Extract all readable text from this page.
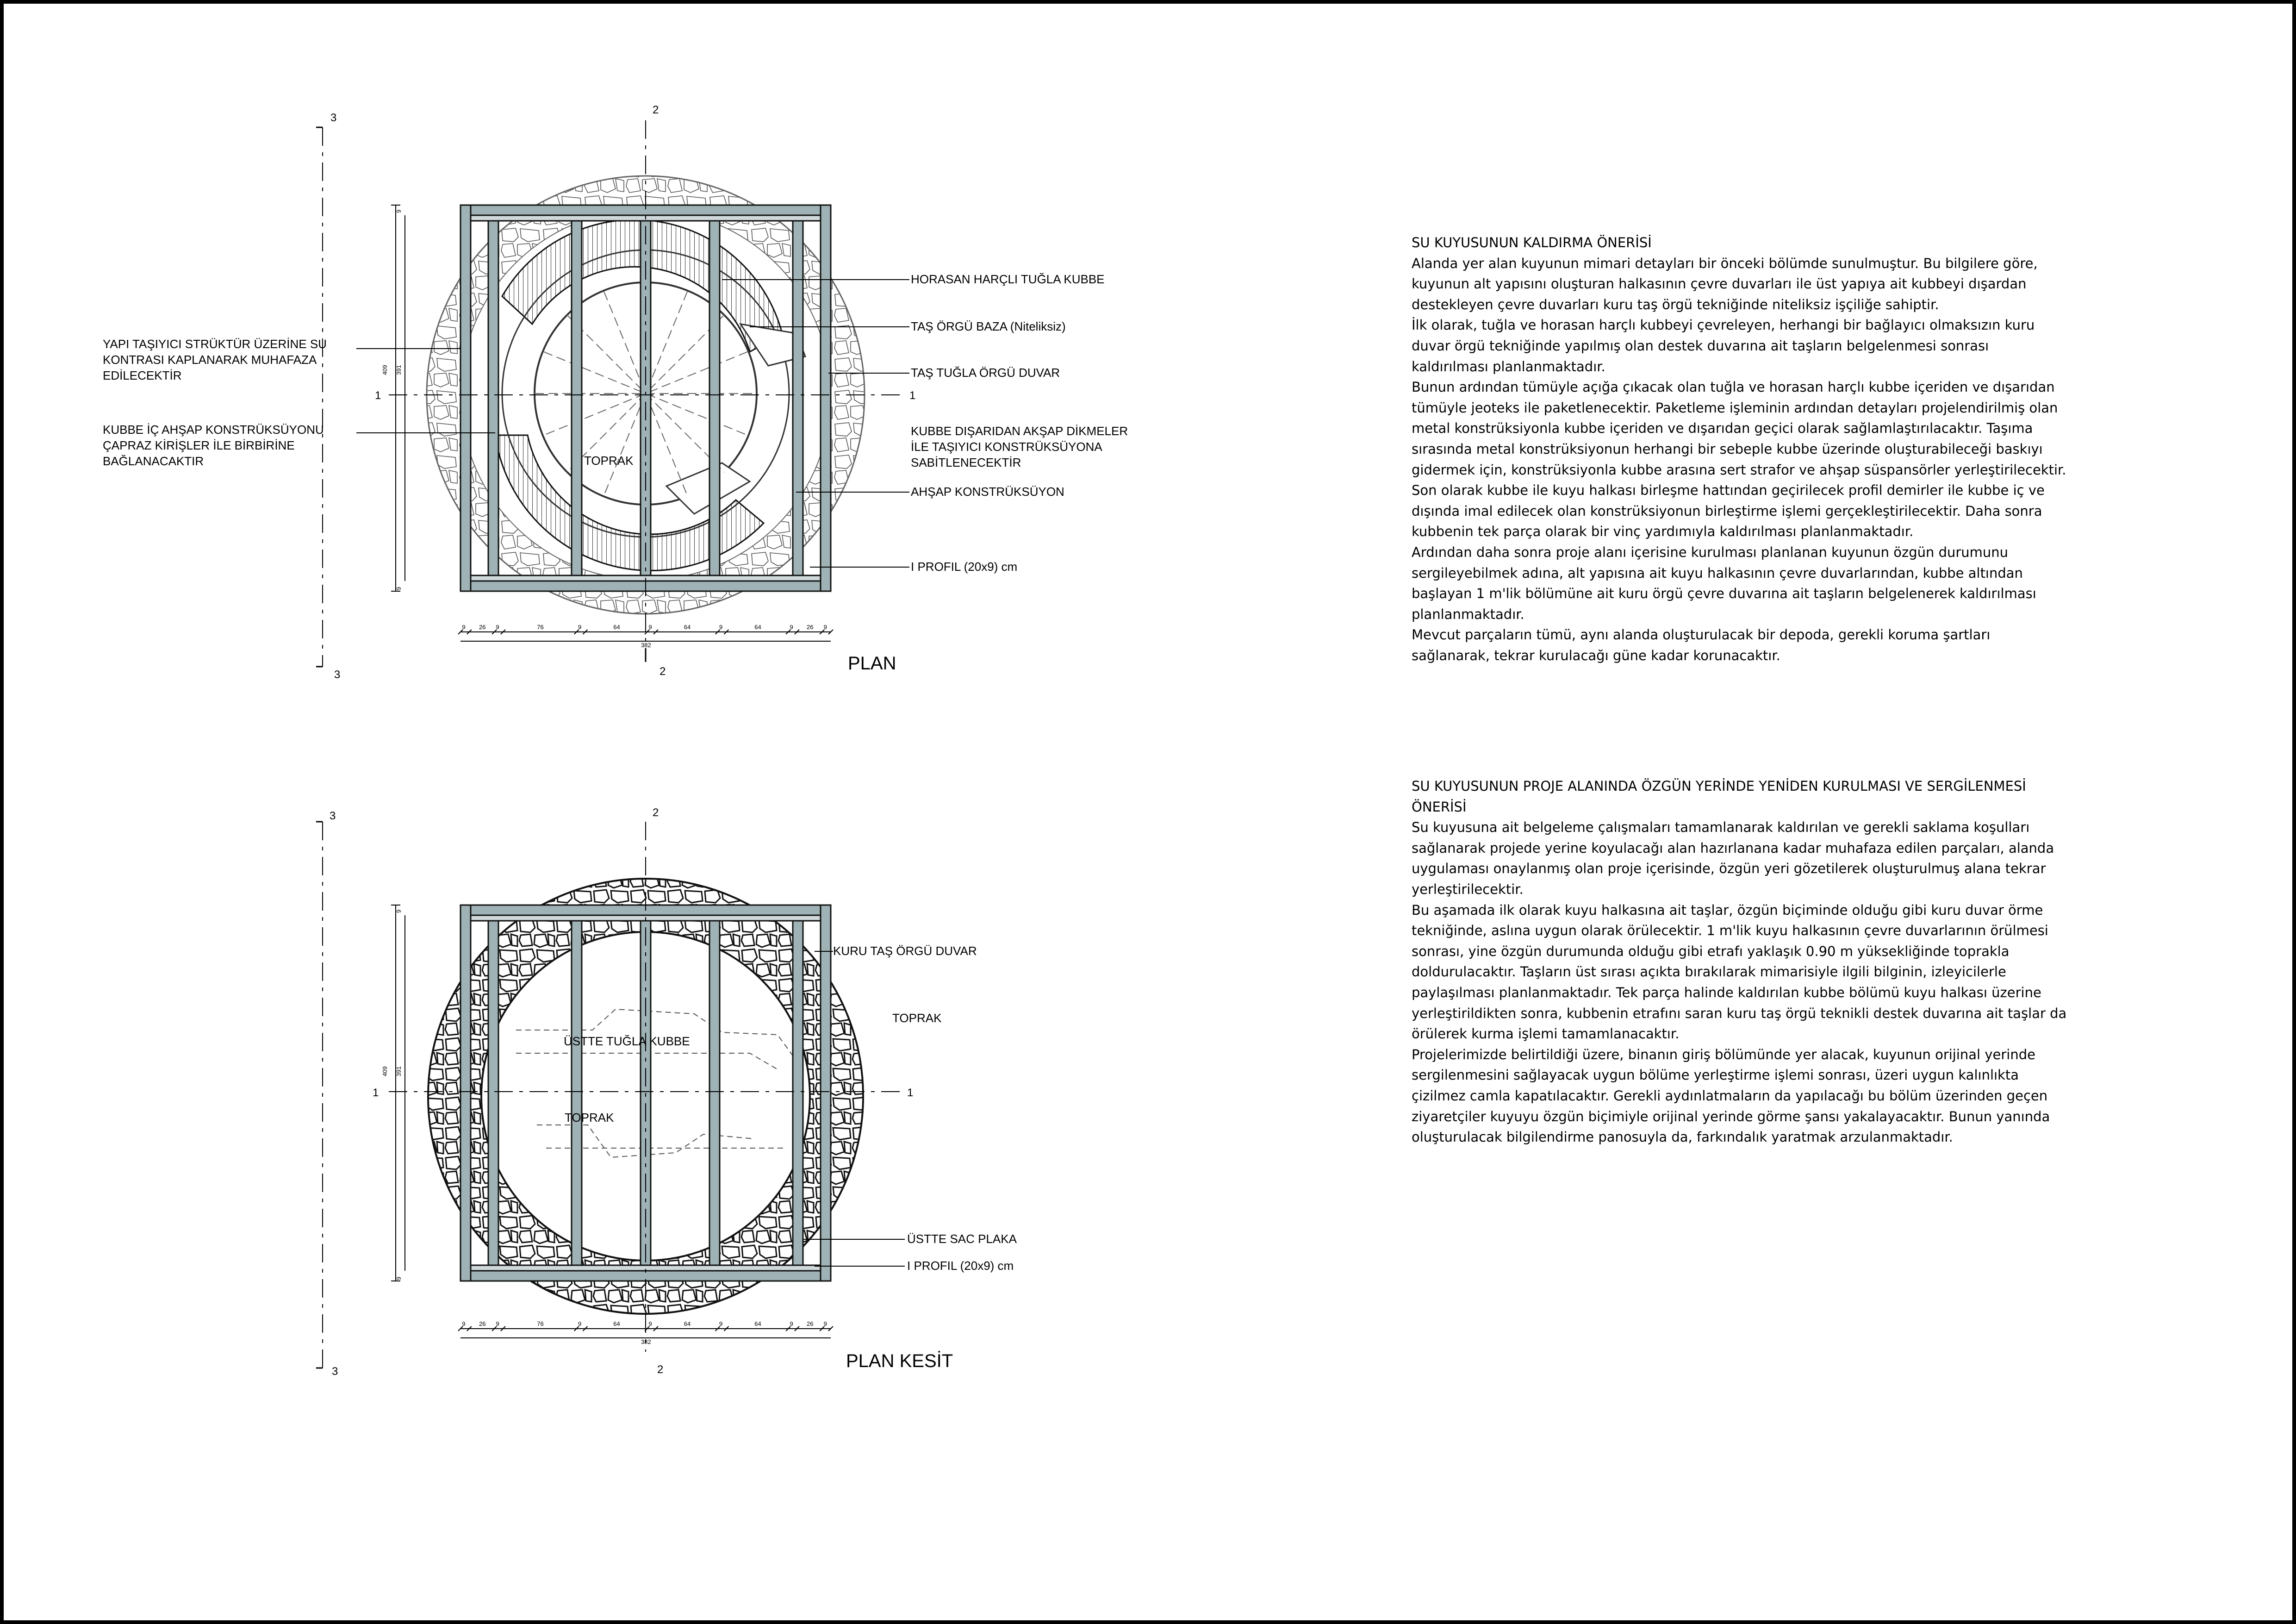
SU KUYUSUNUN KALDIRMA ÖNERİSİ

Alanda yer alan kuyunun mimari detayları bir önceki bölümde sunulmuştur. Bu bilgilere göre, kuyunun alt yapısını oluşturan halkasının çevre duvarları ile üst yapıya ait kubbeyi dışardan destekleyen çevre duvarları kuru taş örgü tekniğinde niteliksiz işçiliğe sahiptir.

İlk olarak, tuğla ve horasan harçlı kubbeyi çevreleyen, herhangi bir bağlayıcı olmaksızın kuru duvar örgü tekniğinde yapılmış olan destek duvarına ait taşların belgelenmesi sonrası kaldırılması planlanmaktadır.

Bunun ardından tümüyle açığa çıkacak olan tuğla ve horasan harçlı kubbe içeriden ve dışarıdan tümüyle jeoteks ile paketlenecektir. Paketleme işleminin ardından detayları projelendirilmiş olan metal konstrüksiyonla kubbe içeriden ve dışarıdan geçici olarak sağlamlaştırılacaktır. Taşıma sırasında metal konstrüksiyonun herhangi bir sebeple kubbe üzerinde oluşturabileceği baskıyı gidermek için, konstrüksiyonla kubbe arasına sert strafor ve ahşap süspansörler yerleştirilecektir. Son olarak kubbe ile kuyu halkası birleşme hattından geçirilecek profil demirler ile kubbe iç ve dışında imal edilecek olan konstrüksiyonun birleştirme işlemi gerçekleştirilecektir. Daha sonra kubbenin tek parça olarak bir vinç yardımıyla kaldırılması planlanmaktadır.

Ardından daha sonra proje alanı içerisine kurulması planlanan kuyunun özgün durumunu sergileyebilmek adına, alt yapısına ait kuyu halkasının çevre duvarlarından, kubbe altından başlayan 1 m'lik bölümüne ait kuru örgü çevre duvarına ait taşların belgelenerek kaldırılması planlanmaktadır.

Mevcut parçaların tümü, aynı alanda oluşturulacak bir depoda, gerekli koruma şartları sağlanarak, tekrar kurulacağı güne kadar korunacaktır.

SU KUYUSUNUN PROJE ALANINDA ÖZGÜN YERİNDE YENİDEN KURULMASI VE SERGİLENMESİ ÖNERİSİ

Su kuyusuna ait belgeleme çalışmaları tamamlanarak kaldırılan ve gerekli saklama koşulları sağlanarak projede yerine koyulacağı alan hazırlanana kadar muhafaza edilen parçaları, alanda uygulaması onaylanmış olan proje içerisinde, özgün yeri gözetilerek oluşturulmuş alana tekrar yerleştirilecektir.

Bu aşamada ilk olarak kuyu halkasına ait taşlar, özgün biçiminde olduğu gibi kuru duvar örme tekniğinde, aslına uygun olarak örülecektir. 1 m'lik kuyu halkasının çevre duvarlarının örülmesi sonrası, yine özgün durumunda olduğu gibi etrafı yaklaşık 0.90 m yüksekliğinde toprakla doldurulacaktır. Taşların üst sırası açıkta bırakılarak mimarisiyle ilgili bilginin, izleyicilerle paylaşılması planlanmaktadır. Tek parça halinde kaldırılan kubbe bölümü kuyu halkası üzerine yerleştirildikten sonra, kubbenin etrafını saran kuru taş örgü teknikli destek duvarına ait taşlar da örülerek kurma işlemi tamamlanacaktır.

Projelerimizde belirtildiği üzere, binanın giriş bölümünde yer alacak, kuyunun orijinal yerinde sergilenmesini sağlayacak uygun bölüme yerleştirme işlemi sonrası, üzeri uygun kalınlıkta çizilmez camla kapatılacaktır. Gerekli aydınlatmaların da yapılacağı bu bölüm üzerinden geçen ziyaretçiler kuyuyu özgün biçimiyle orijinal yerinde görme şansı yakalayacaktır. Bunun yanında oluşturulacak bilgilendirme panosuyla da, farkındalık yaratmak arzulanmaktadır.

3
3
2
2
1	1
HORASAN HARÇLI TUĞLA KUBBE
TAŞ ÖRGÜ BAZA (Niteliksiz)
TAŞ TUĞLA ÖRGÜ DUVAR
KUBBE DIŞARIDAN AKŞAP DİKMELER
İLE TAŞIYICI KONSTRÜKSÜYONA
SABİTLENECEKTİR
AHŞAP KONSTRÜKSÜYON
I PROFIL (20x9) cm
YAPI TAŞIYICI STRÜKTÜR ÜZERİNE SU
KONTRASI KAPLANARAK MUHAFAZA
EDİLECEKTİR
KUBBE İÇ AHŞAP KONSTRÜKSÜYONU
ÇAPRAZ KİRİŞLER İLE BİRBİRİNE
BAĞLANACAKTIR	TOPRAK
409 391
9
9
9 26 9	76	9	64	9	64	9	64	9 26 9
382
PLAN
3
3
2
2
1	1
KURU TAŞ ÖRGÜ DUVAR
TOPRAK
ÜSTTE TUĞLA KUBBE
TOPRAK
ÜSTTE SAC PLAKA
I PROFIL (20x9) cm
409 391
9
9
9 26 9	76	9	64	9	64	9	64	9 26 9
382
PLAN KESİT
